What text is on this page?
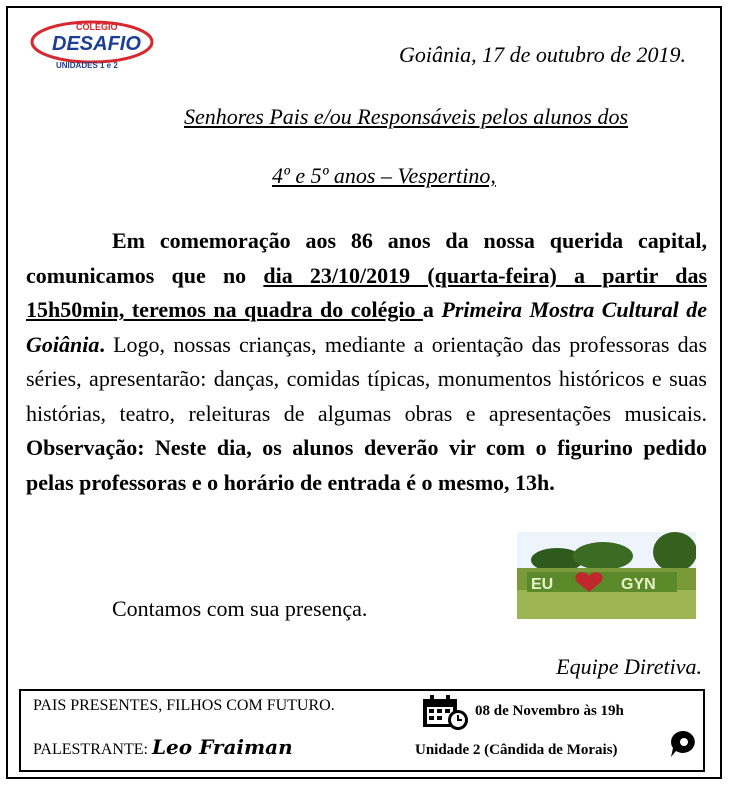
COLÉGIO
DESAFIO
UNIDADES 1 e 2	Goiânia, 17 de outubro de 2019.
Senhores Pais e/ou Responsáveis pelos alunos dos
4º e 5º anos – Vespertino,
Em comemoração aos 86 anos da nossa querida capital, comunicamos que no dia 23/10/2019 (quarta-feira) a partir das 15h50min, teremos na quadra do colégio a Primeira Mostra Cultural de Goiânia. Logo, nossas crianças, mediante a orientação das professoras das séries, apresentarão: danças, comidas típicas, monumentos históricos e suas histórias, teatro, releituras de algumas obras e apresentações musicais. Observação: Neste dia, os alunos deverão vir com o figurino pedido pelas professoras e o horário de entrada é o mesmo, 13h.
Contamos com sua presença.
EU	GYN
Equipe Diretiva.
PAIS PRESENTES, FILHOS COM FUTURO.
PALESTRANTE: Leo Fraiman
08 de Novembro às 19h
Unidade 2 (Cândida de Morais)
